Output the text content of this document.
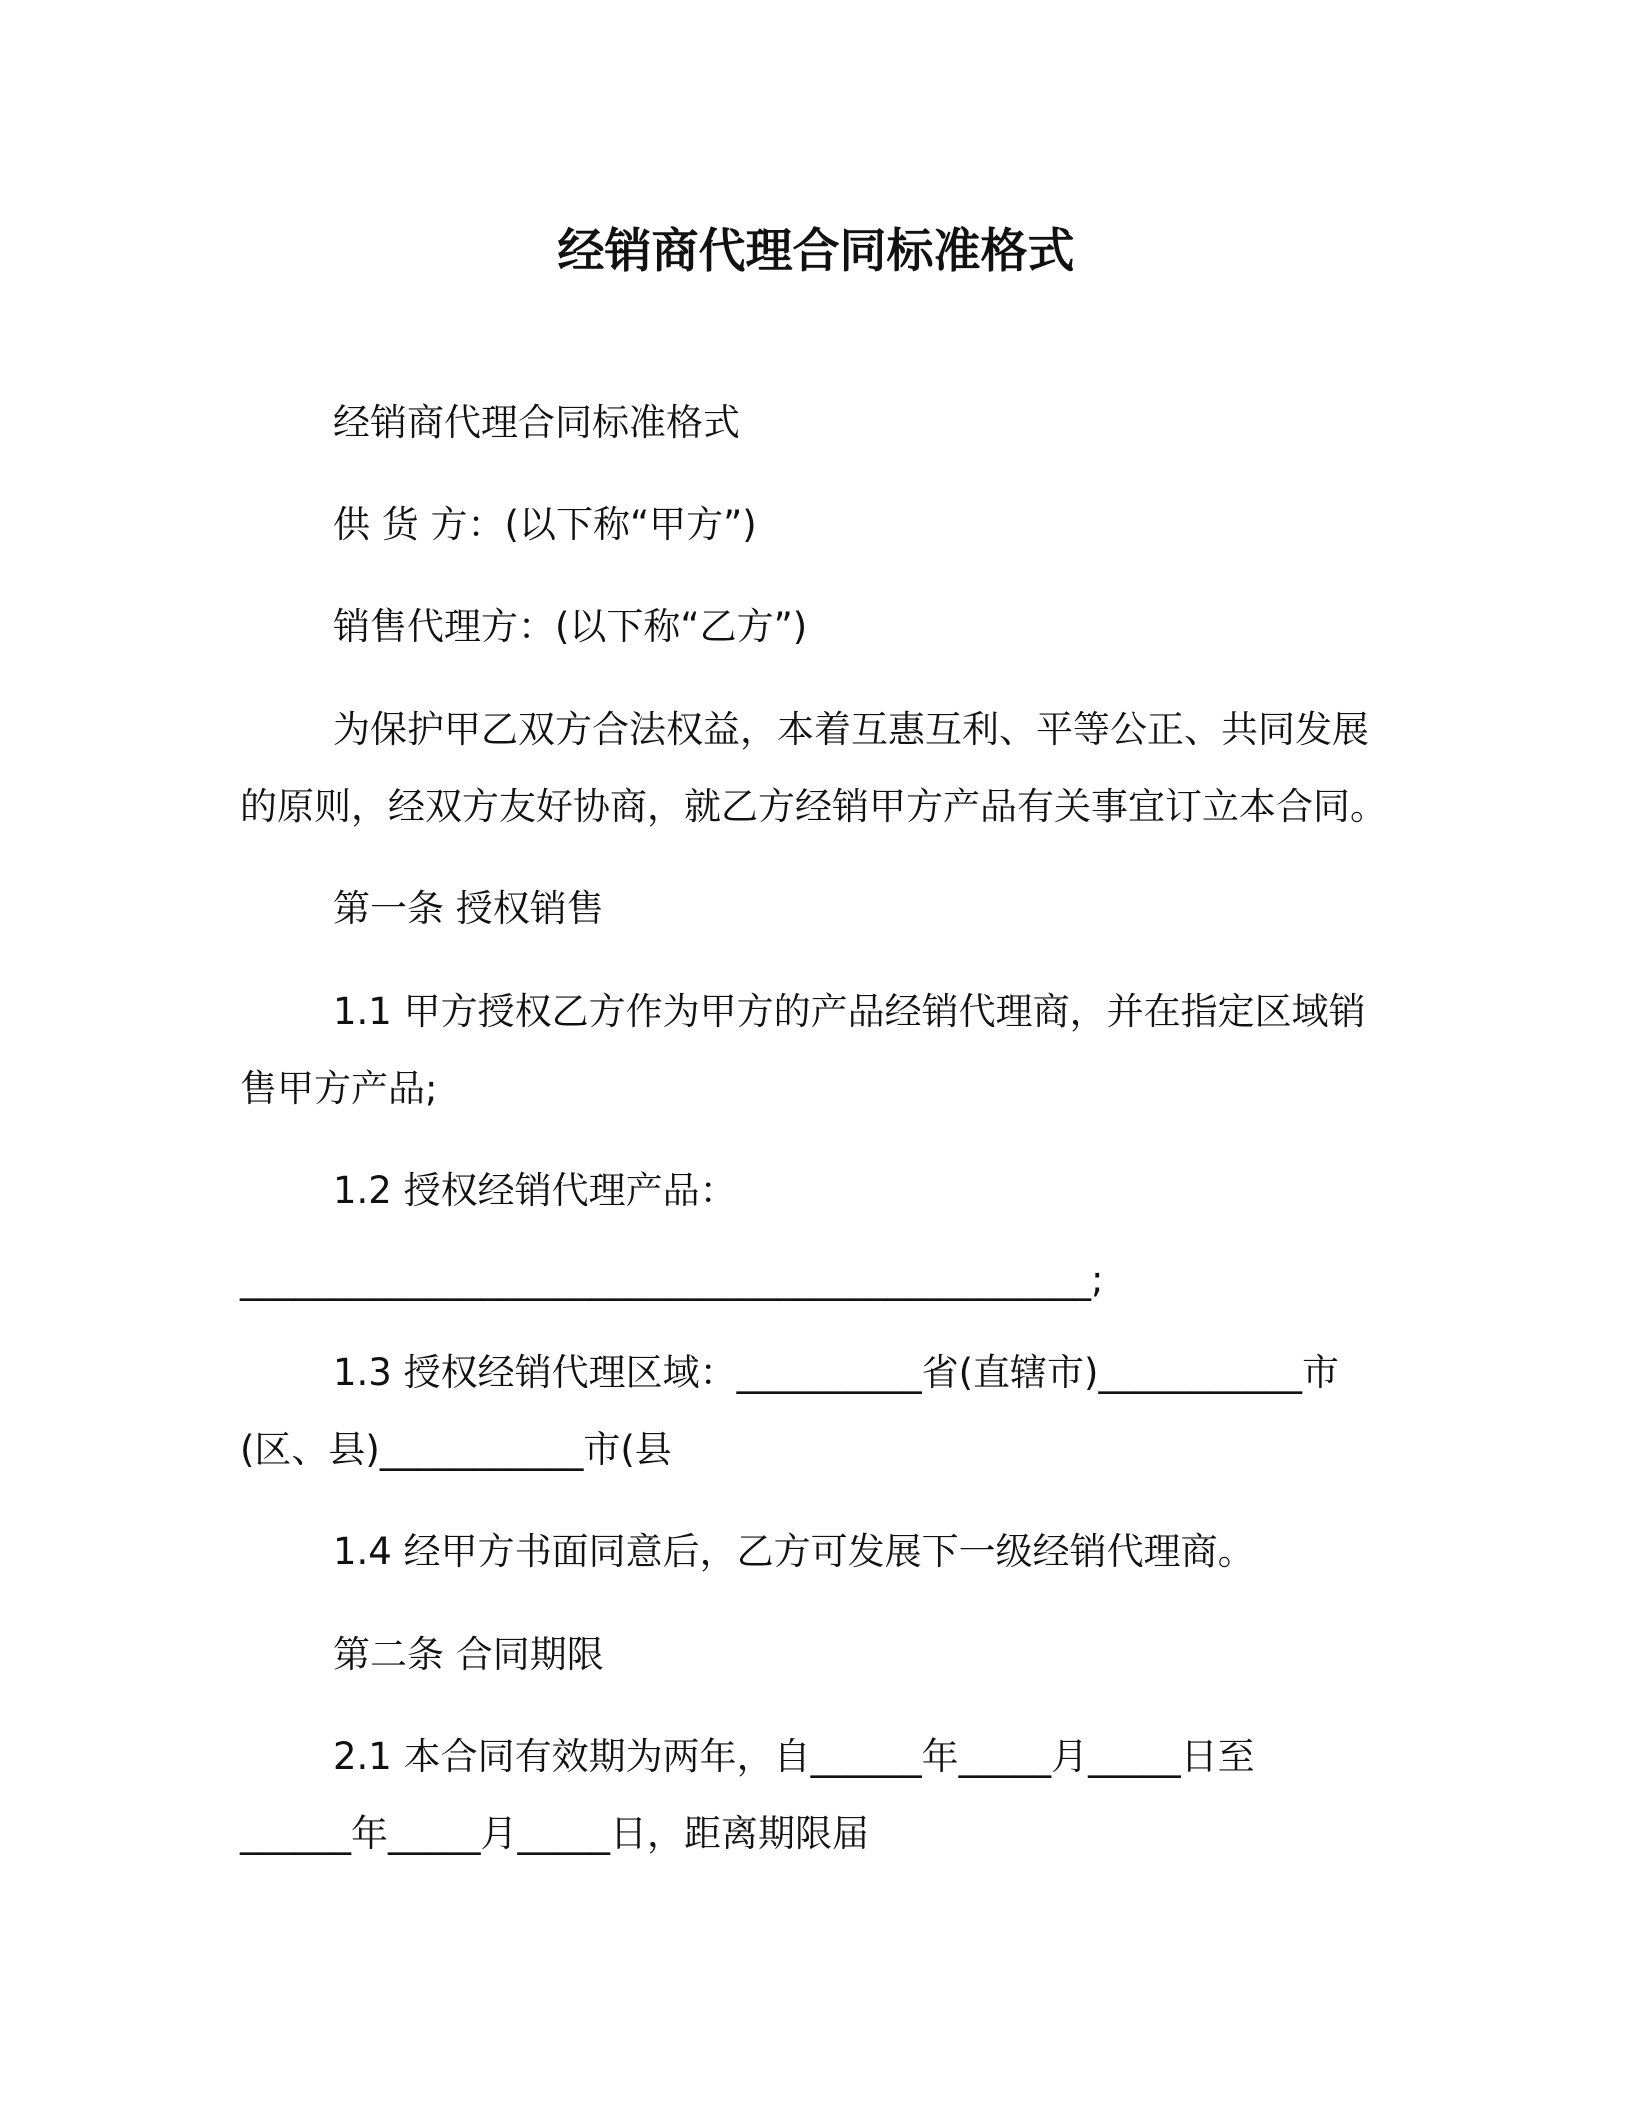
经销商代理合同标准格式
经销商代理合同标准格式
供 货 方：(以下称“甲方”)
销售代理方：(以下称“乙方”)
为保护甲乙双方合法权益，本着互惠互利、平等公正、共同发展
的原则，经双方友好协商，就乙方经销甲方产品有关事宜订立本合同。
第一条 授权销售
1.1 甲方授权乙方作为甲方的产品经销代理商，并在指定区域销
售甲方产品;
1.2 授权经销代理产品：
______________________________________________;
1.3 授权经销代理区域：__________省(直辖市)___________市
(区、县)___________市(县
1.4 经甲方书面同意后，乙方可发展下一级经销代理商。
第二条 合同期限
2.1 本合同有效期为两年，自______年_____月_____日至
______年_____月_____日，距离期限届
